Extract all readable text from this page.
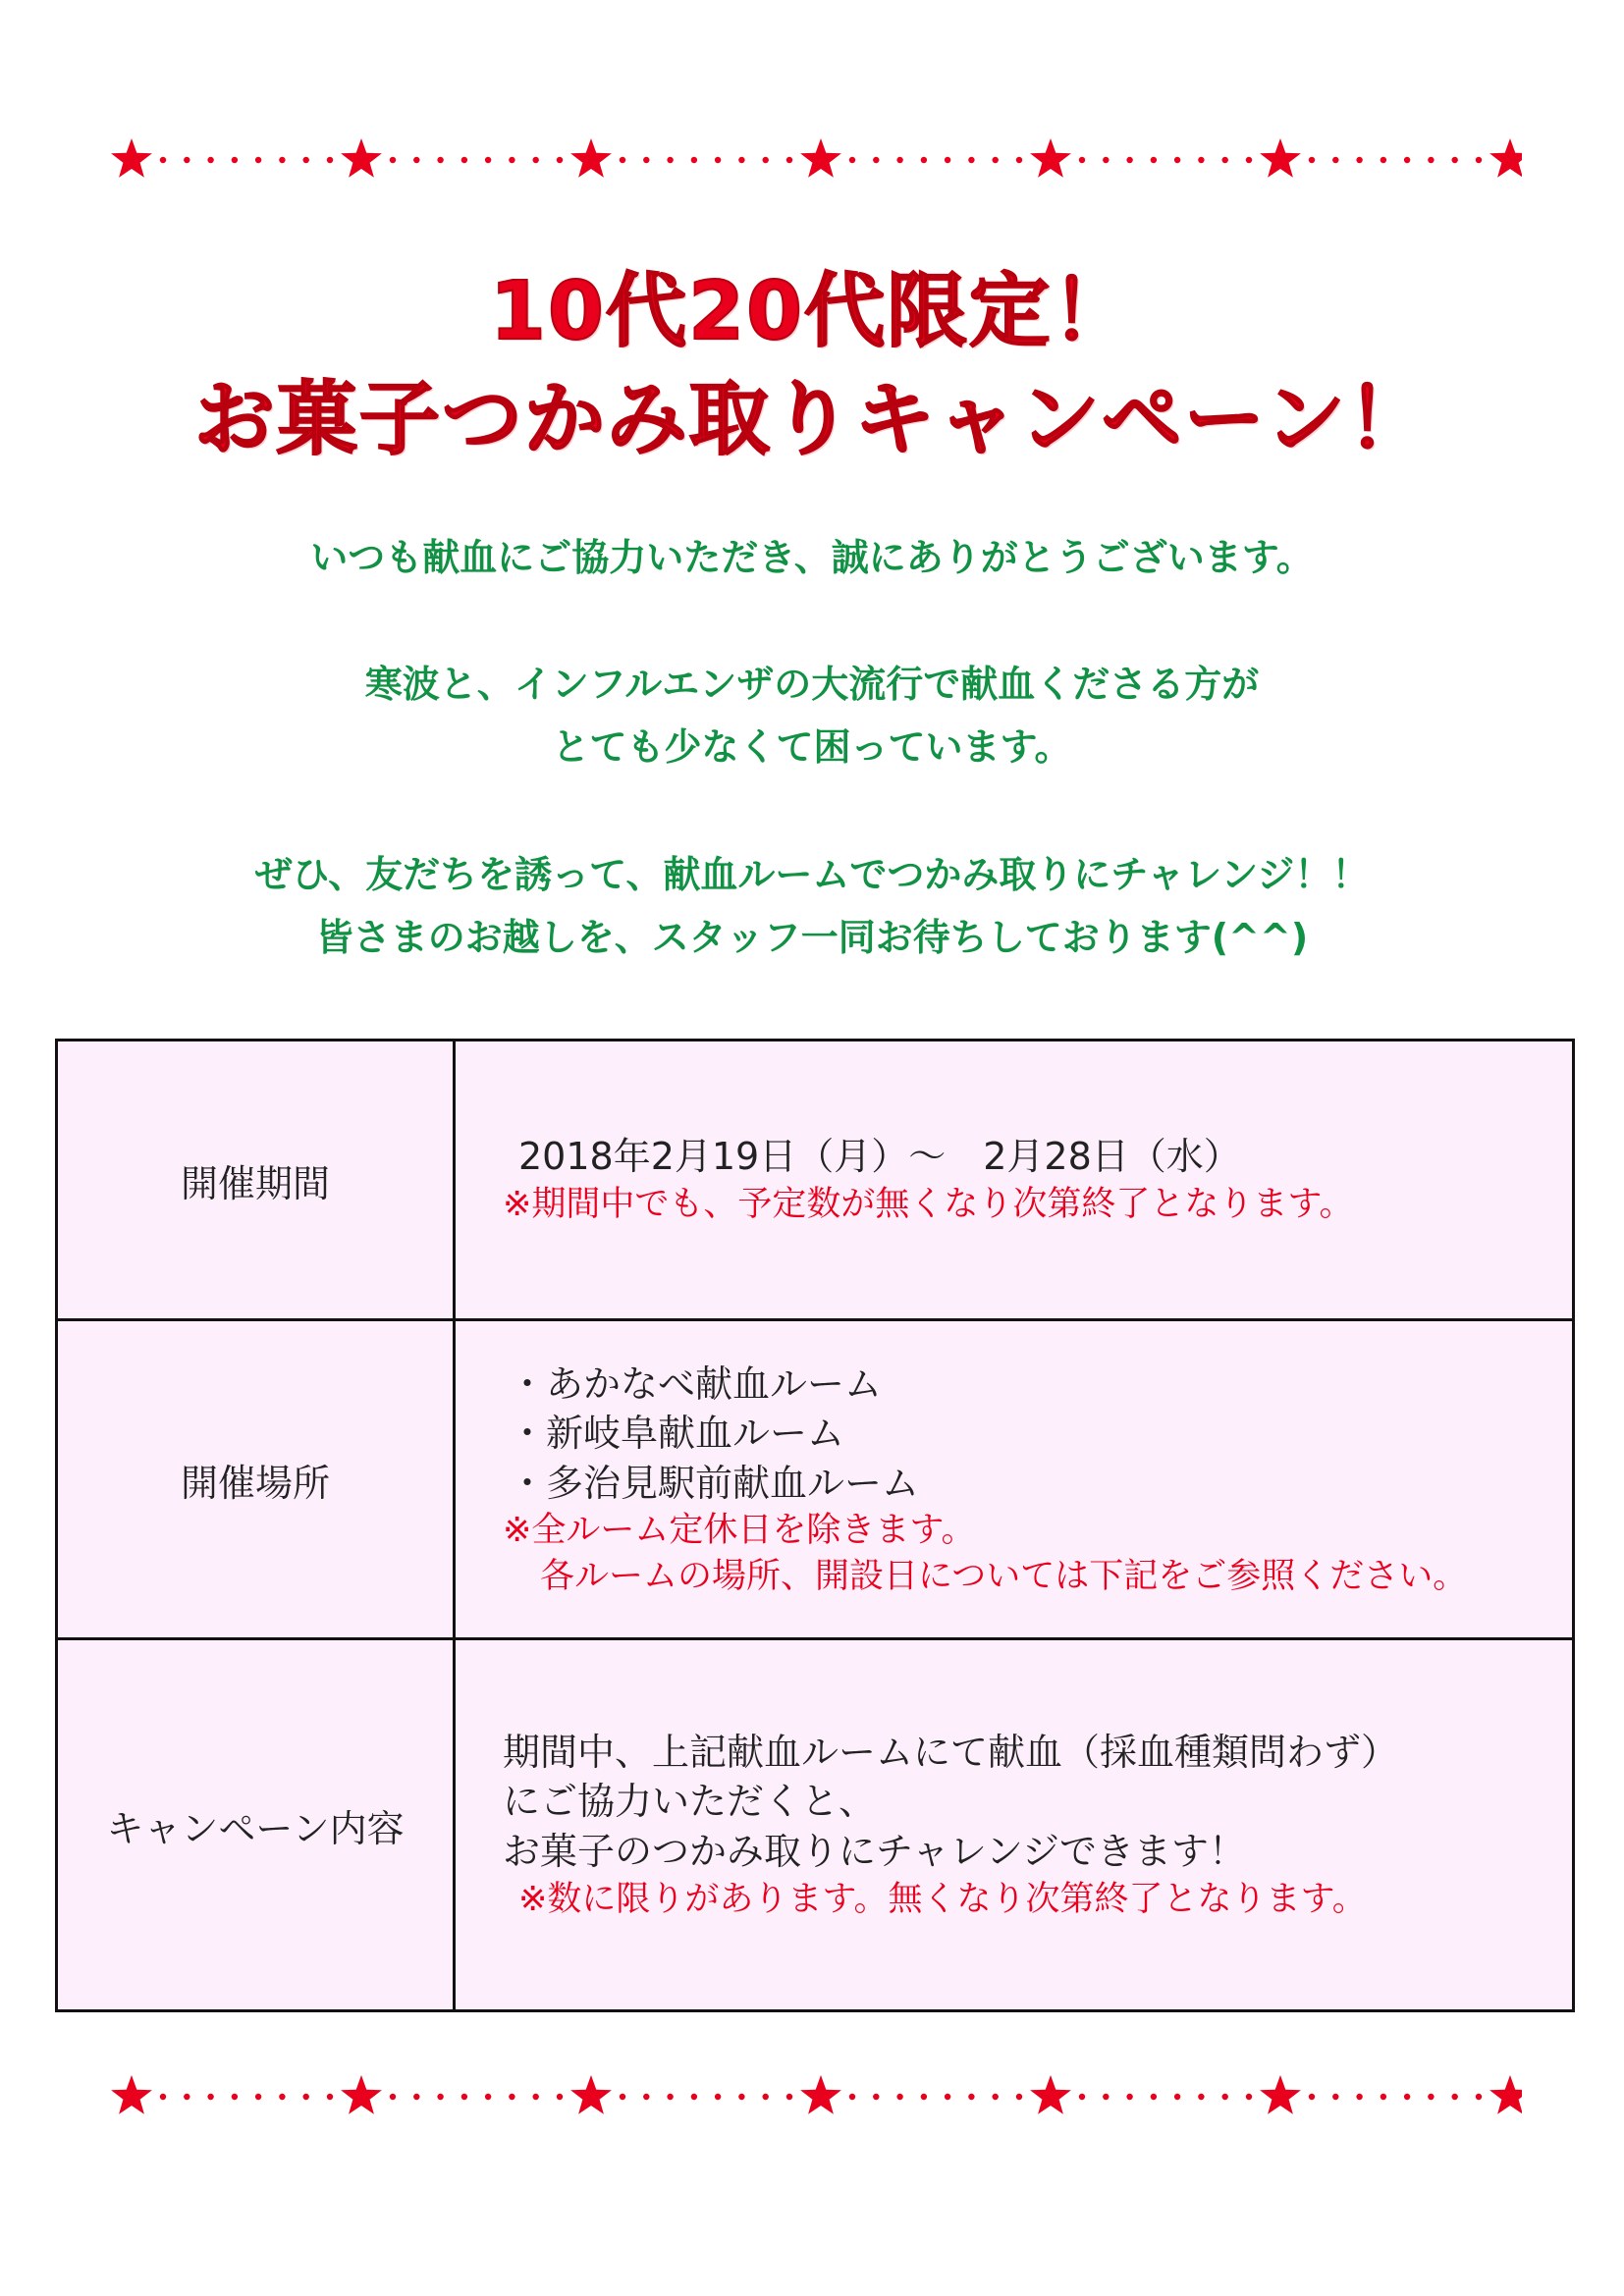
10代20代限定！
お菓子つかみ取りキャンペーン！
いつも献血にご協力いただき、誠にありがとうございます。
寒波と、インフルエンザの大流行で献血くださる方が
とても少なくて困っています。
ぜひ、友だちを誘って、献血ルームでつかみ取りにチャレンジ！！
皆さまのお越しを、スタッフ一同お待ちしております(^^)
開催期間	2018年2月19日（月）～　2月28日（水）
※期間中でも、予定数が無くなり次第終了となります。

開催場所	・あかなべ献血ルーム
・新岐阜献血ルーム
・多治見駅前献血ルーム
※全ルーム定休日を除きます。
各ルームの場所、開設日については下記をご参照ください。

キャンペーン内容	期間中、上記献血ルームにて献血（採血種類問わず）
にご協力いただくと、
お菓子のつかみ取りにチャレンジできます！
※数に限りがあります。無くなり次第終了となります。
